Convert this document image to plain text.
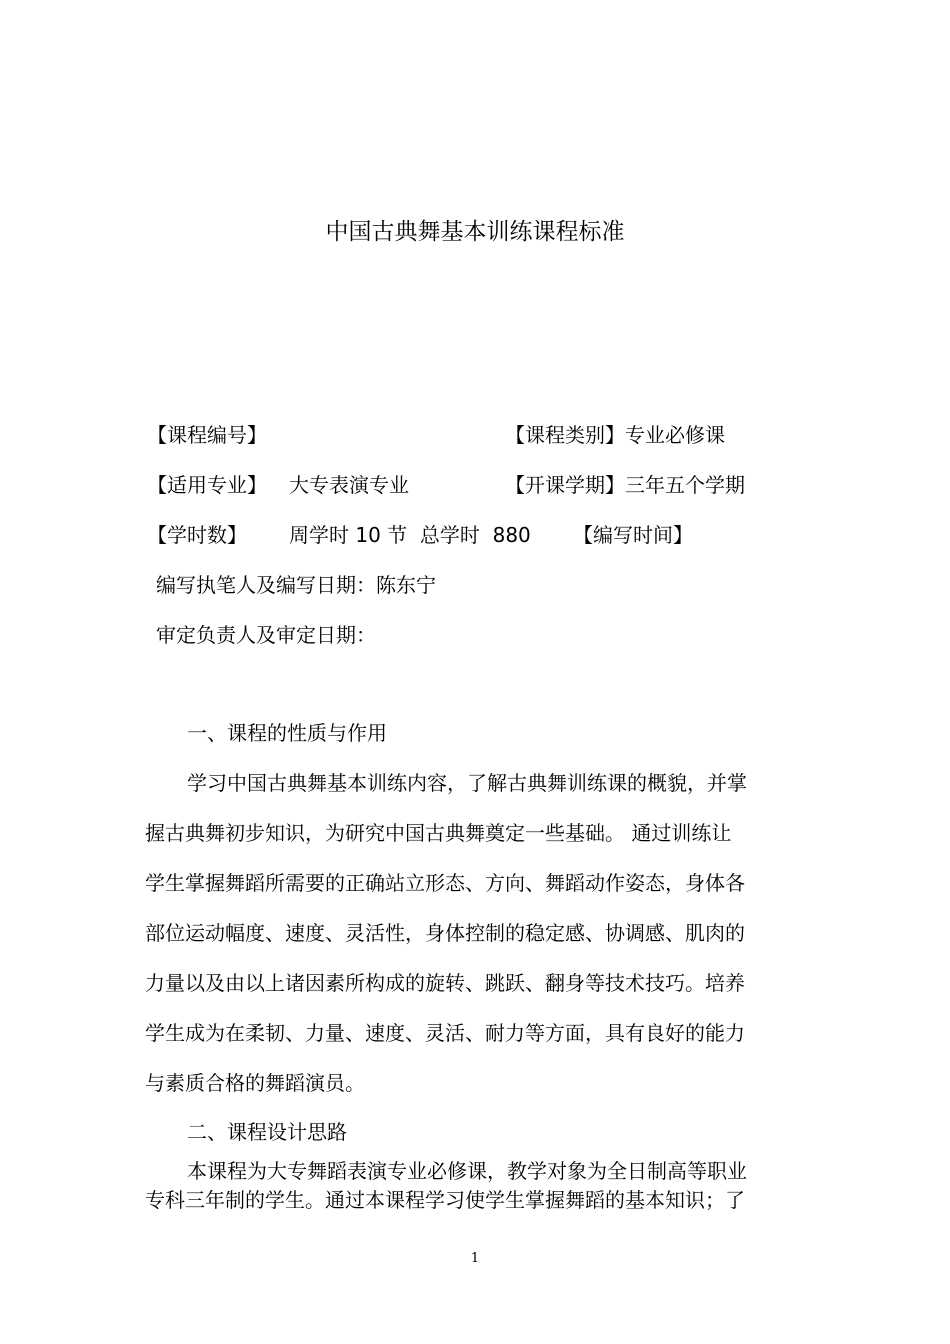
中国古典舞基本训练课程标准
【课程编号】	【课程类别】专业必修课
【适用专业】 大专表演专业	【开课学期】三年五个学期
【学时数】 周学时 10 节  总学时  880 【编写时间】
编写执笔人及编写日期：陈东宁
审定负责人及审定日期：
一、课程的性质与作用
学习中国古典舞基本训练内容，了解古典舞训练课的概貌，并掌
握古典舞初步知识，为研究中国古典舞奠定一些基础。 通过训练让
学生掌握舞蹈所需要的正确站立形态、方向、舞蹈动作姿态，身体各
部位运动幅度、速度、灵活性，身体控制的稳定感、协调感、肌肉的
力量以及由以上诸因素所构成的旋转、跳跃、翻身等技术技巧。培养
学生成为在柔韧、力量、速度、灵活、耐力等方面，具有良好的能力
与素质合格的舞蹈演员。
二、课程设计思路
本课程为大专舞蹈表演专业必修课，教学对象为全日制高等职业
专科三年制的学生。通过本课程学习使学生掌握舞蹈的基本知识；了
1
